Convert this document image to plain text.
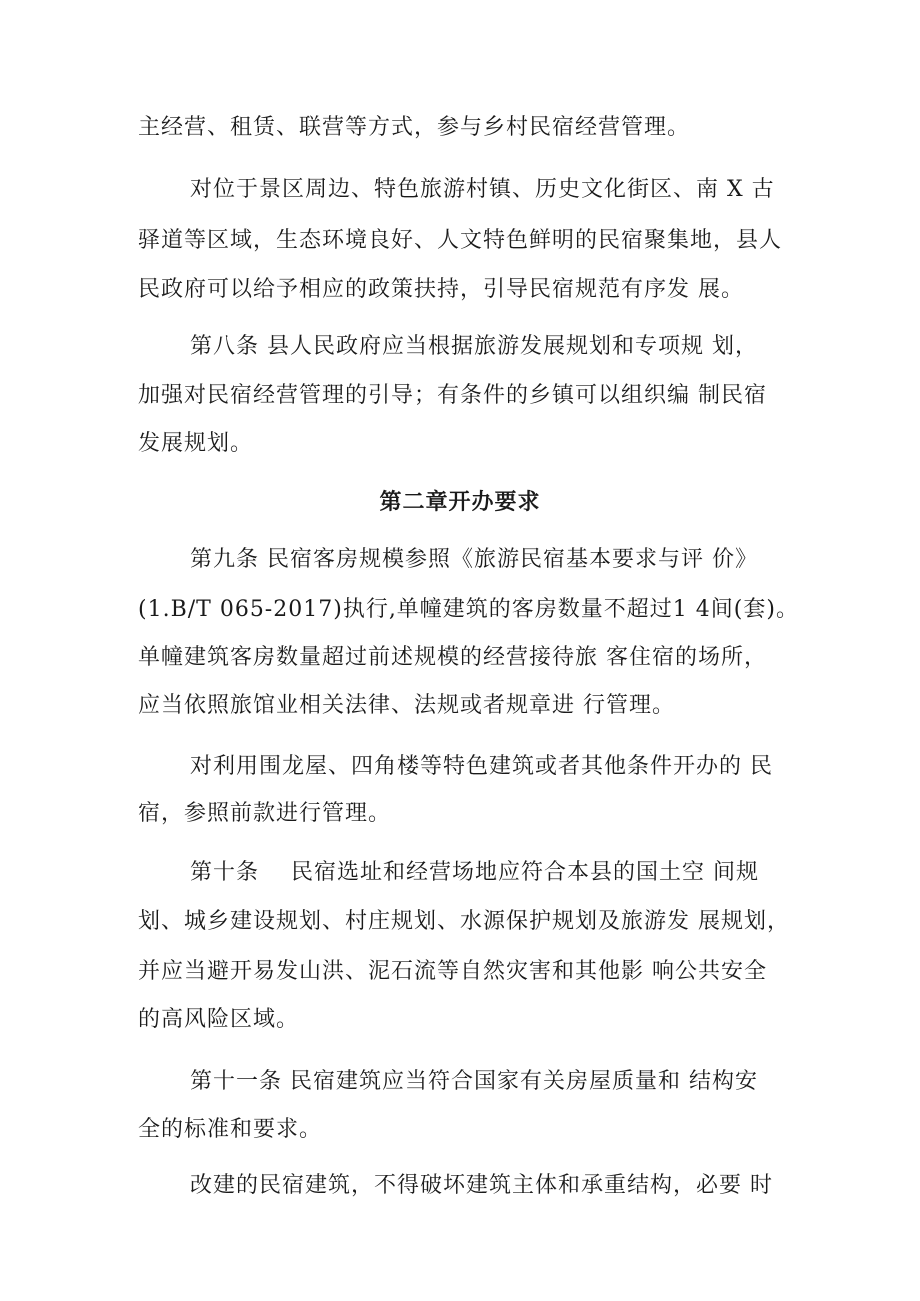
主经营、租赁、联营等方式，参与乡村民宿经营管理。
对位于景区周边、特色旅游村镇、历史文化街区、南 X 古
驿道等区域，生态环境良好、人文特色鲜明的民宿聚集地，县人
民政府可以给予相应的政策扶持，引导民宿规范有序发 展。
第八条 县人民政府应当根据旅游发展规划和专项规 划，
加强对民宿经营管理的引导；有条件的乡镇可以组织编 制民宿
发展规划。
第二章开办要求
第九条 民宿客房规模参照《旅游民宿基本要求与评 价》
(1.B/T 065-2017)执行,单幢建筑的客房数量不超过1 4间(套)。
单幢建筑客房数量超过前述规模的经营接待旅 客住宿的场所，
应当依照旅馆业相关法律、法规或者规章进 行管理。
对利用围龙屋、四角楼等特色建筑或者其他条件开办的 民
宿，参照前款进行管理。
第十条    民宿选址和经营场地应符合本县的国土空 间规
划、城乡建设规划、村庄规划、水源保护规划及旅游发 展规划，
并应当避开易发山洪、泥石流等自然灾害和其他影 响公共安全
的高风险区域。
第十一条 民宿建筑应当符合国家有关房屋质量和 结构安
全的标准和要求。
改建的民宿建筑，不得破坏建筑主体和承重结构，必要 时
